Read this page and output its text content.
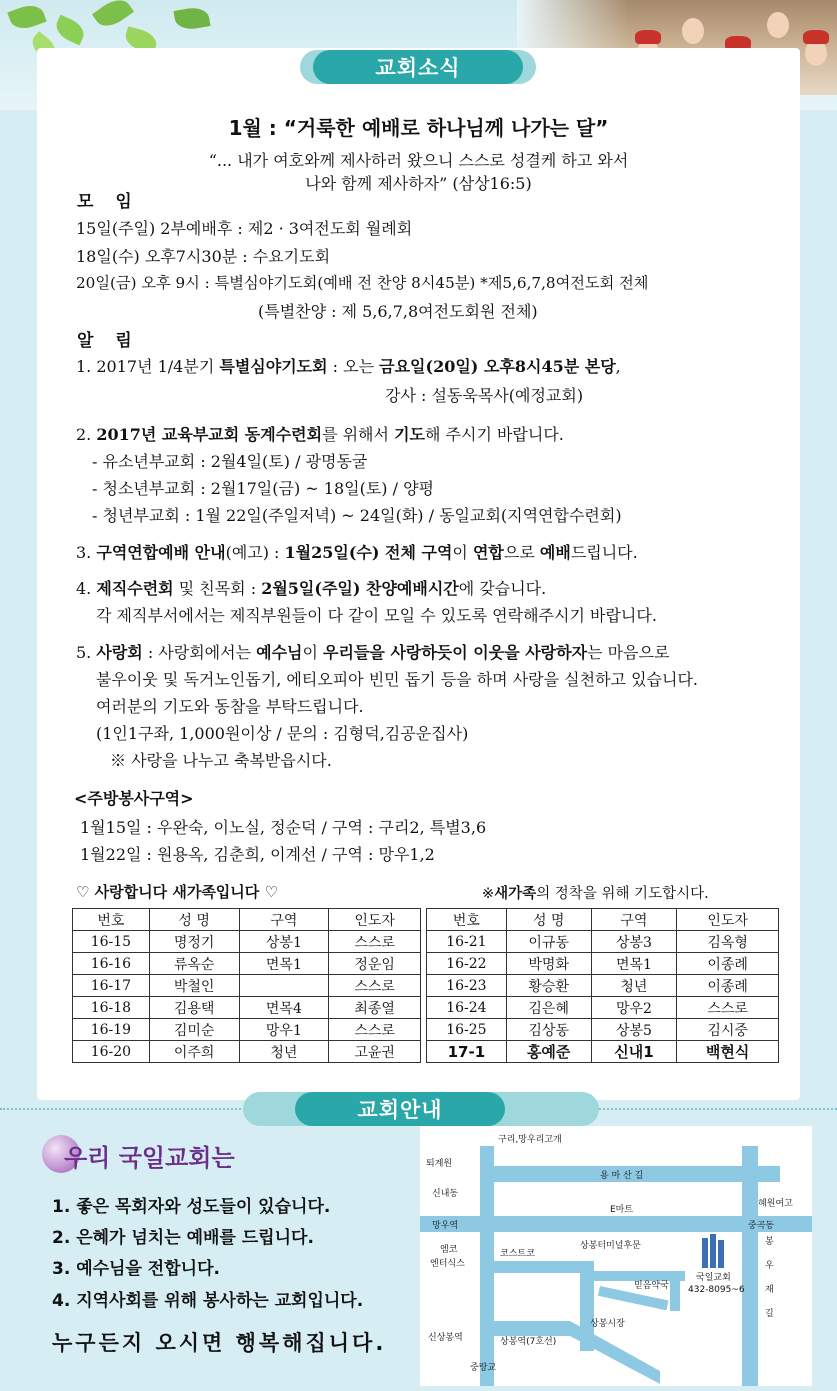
교회소식
1월 : “거룩한 예배로 하나님께 나가는 달”
“... 내가 여호와께 제사하러 왔으니 스스로 성결케 하고 와서
나와 함께 제사하자” (삼상16:5)
모 임
15일(주일) 2부예배후 : 제2 · 3여전도회 월례회
18일(수) 오후7시30분 : 수요기도회
20일(금) 오후 9시 : 특별심야기도회(예배 전 찬양 8시45분) *제5,6,7,8여전도회 전체
(특별찬양 : 제 5,6,7,8여전도회원 전체)
알 림
1. 2017년 1/4분기 특별심야기도회 : 오는 금요일(20일) 오후8시45분 본당,
강사 : 설동욱목사(예정교회)
2. 2017년 교육부교회 동계수련회를 위해서 기도해 주시기 바랍니다.
- 유소년부교회 : 2월4일(토) / 광명동굴
- 청소년부교회 : 2월17일(금) ~ 18일(토) / 양평
- 청년부교회 : 1월 22일(주일저녁) ~ 24일(화) / 동일교회(지역연합수련회)
3. 구역연합예배 안내(예고) : 1월25일(수) 전체 구역이 연합으로 예배드립니다.
4. 제직수련회 및 친목회 : 2월5일(주일) 찬양예배시간에 갖습니다.
각 제직부서에서는 제직부원들이 다 같이 모일 수 있도록 연락해주시기 바랍니다.
5. 사랑회 : 사랑회에서는 예수님이 우리들을 사랑하듯이 이웃을 사랑하자는 마음으로
불우이웃 및 독거노인돕기, 에티오피아 빈민 돕기 등을 하며 사랑을 실천하고 있습니다.
여러분의 기도와 동참을 부탁드립니다.
(1인1구좌, 1,000원이상 / 문의 : 김형덕,김공운집사)
※ 사랑을 나누고 축복받읍시다.
<주방봉사구역>
1월15일 : 우완숙, 이노실, 정순덕 / 구역 : 구리2, 특별3,6
1월22일 : 원용옥, 김춘희, 이계선 / 구역 : 망우1,2
♡ 사랑합니다 새가족입니다 ♡	※새가족의 정착을 위해 기도합시다.
번호	성 명	구역	인도자
16-15	명정기	상봉1	스스로
16-16	류옥순	면목1	정운임
16-17	박철인		스스로
16-18	김용택	면목4	최종열
16-19	김미순	망우1	스스로
16-20	이주희	청년	고윤권
번호	성 명	구역	인도자
16-21	이규동	상봉3	김옥형
16-22	박명화	면목1	이종례
16-23	황승환	청년	이종례
16-24	김은혜	망우2	스스로
16-25	김상동	상봉5	김시중
17-1	홍예준	신내1	백현식
교회안내
우리 국일교회는
1. 좋은 목회자와 성도들이 있습니다.
2. 은혜가 넘치는 예배를 드립니다.
3. 예수님을 전합니다.
4. 지역사회를 위해 봉사하는 교회입니다.
누구든지 오시면 행복해집니다.
구리,망우리고개
퇴계원
용 마 산 길
신내동
혜원여고
E마트
망우역	중곡동
엠코
엔터식스
코스트코
상봉터미널후문
국일교회
432-8095~6
믿음약국
상봉시장
신상봉역	상봉역(7호선)
중랑교
봉
우
재
길
